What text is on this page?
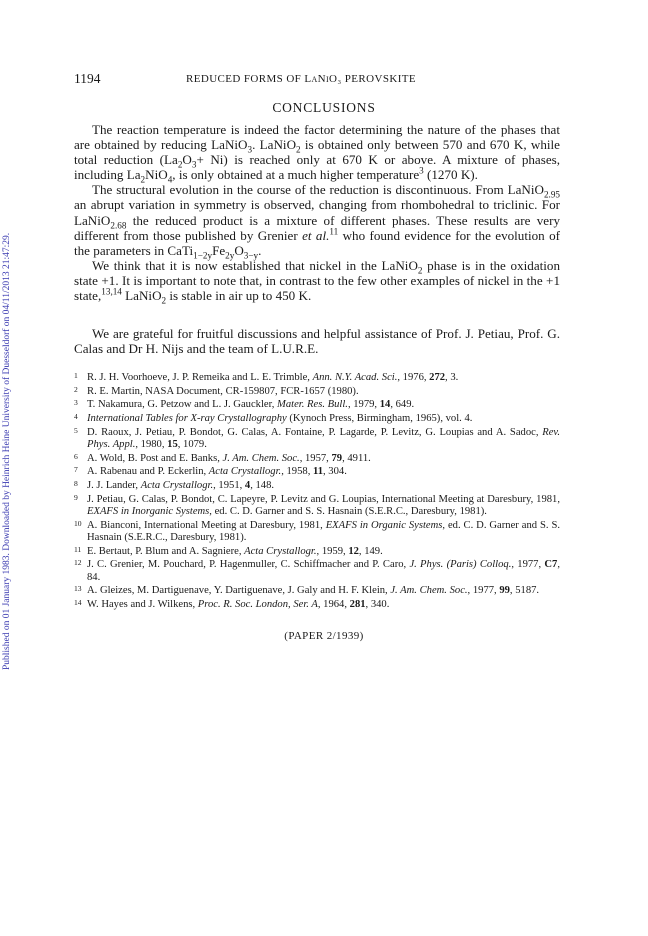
Published on 01 January 1983. Downloaded by Heinrich Heine University of Duesseldorf on 04/11/2013 21:47:29.
1194	REDUCED FORMS OF LaNiO₃ PEROVSKITE
CONCLUSIONS

The reaction temperature is indeed the factor determining the nature of the phases that are obtained by reducing LaNiO$_3$. LaNiO$_2$ is obtained only between 570 and 670 K, while total reduction $(La_2O_3+ Ni)$ is reached only at 670 K or above. A mixture of phases, including $La_2NiO_4$, is only obtained at a much higher temperature$^3$ (1270 K).

The structural evolution in the course of the reduction is discontinuous. From LaNiO$_{2.95}$ an abrupt variation in symmetry is observed, changing from rhombohedral to triclinic. For LaNiO$_{2.68}$ the reduced product is a mixture of different phases. These results are very different from those published by Grenier et al.$^{11}$ who found evidence for the evolution of the parameters in $CaTi_{1-2y}Fe_{2y}O_{3-y}$.

We think that it is now established that nickel in the LaNiO$_2$ phase is in the oxidation state +1. It is important to note that, in contrast to the few other examples of nickel in the +1 state,$^{13,14}$ LaNiO$_2$ is stable in air up to 450 K.

We are grateful for fruitful discussions and helpful assistance of Prof. J. Petiau, Prof. G. Calas and Dr H. Nijs and the team of L.U.R.E.

1 R. J. H. Voorhoeve, J. P. Remeika and L. E. Trimble, Ann. N.Y. Acad. Sci., 1976, 272, 3.
2 R. E. Martin, NASA Document, CR-159807, FCR-1657 (1980).
3 T. Nakamura, G. Petzow and L. J. Gauckler, Mater. Res. Bull., 1979, 14, 649.
4 International Tables for X-ray Crystallography (Kynoch Press, Birmingham, 1965), vol. 4.
5 D. Raoux, J. Petiau, P. Bondot, G. Calas, A. Fontaine, P. Lagarde, P. Levitz, G. Loupias and A. Sadoc, Rev. Phys. Appl., 1980, 15, 1079.
6 A. Wold, B. Post and E. Banks, J. Am. Chem. Soc., 1957, 79, 4911.
7 A. Rabenau and P. Eckerlin, Acta Crystallogr., 1958, 11, 304.
8 J. J. Lander, Acta Crystallogr., 1951, 4, 148.
9 J. Petiau, G. Calas, P. Bondot, C. Lapeyre, P. Levitz and G. Loupias, International Meeting at Daresbury, 1981, EXAFS in Inorganic Systems, ed. C. D. Garner and S. S. Hasnain (S.E.R.C., Daresbury, 1981).
10 A. Bianconi, International Meeting at Daresbury, 1981, EXAFS in Organic Systems, ed. C. D. Garner and S. S. Hasnain (S.E.R.C., Daresbury, 1981).
11 E. Bertaut, P. Blum and A. Sagniere, Acta Crystallogr., 1959, 12, 149.
12 J. C. Grenier, M. Pouchard, P. Hagenmuller, C. Schiffmacher and P. Caro, J. Phys. (Paris) Colloq., 1977, C7, 84.
13 A. Gleizes, M. Dartiguenave, Y. Dartiguenave, J. Galy and H. F. Klein, J. Am. Chem. Soc., 1977, 99, 5187.
14 W. Hayes and J. Wilkens, Proc. R. Soc. London, Ser. A, 1964, 281, 340.
(PAPER 2/1939)
